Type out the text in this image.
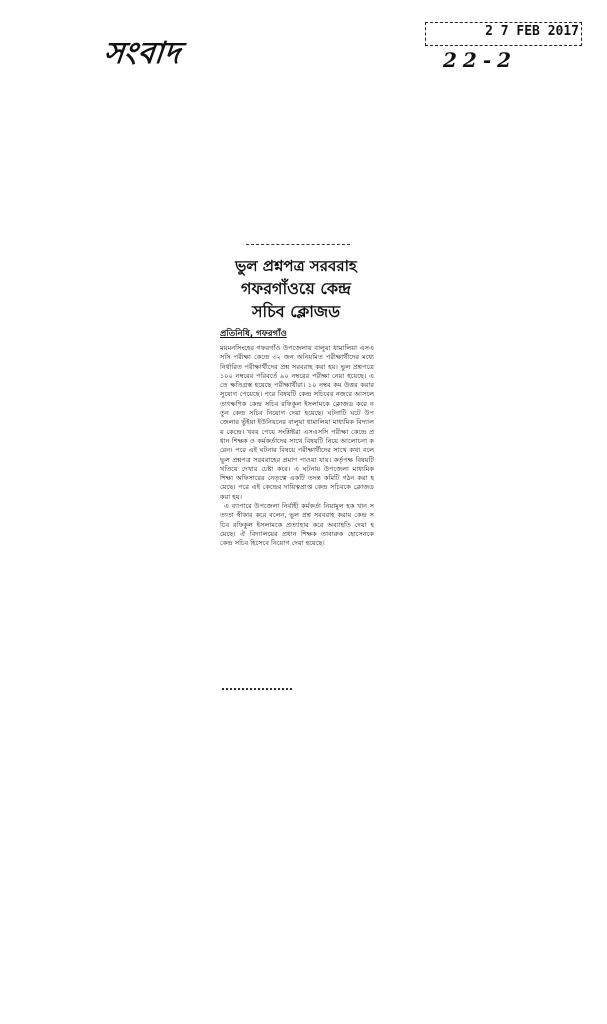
সংবাদ
2 7 FEB 2017
22-2
ভুল প্রশ্নপত্র সরবরাহ
গফরগাঁওয়ে কেন্দ্র
সচিব ক্লোজড
প্রতিনিধি, গফরগাঁও

ময়মনসিংহের গফরগাঁও উপজেলায় বালুয়া ধামালিয়া এসএসসি পরীক্ষা কেন্দ্রে ৩২ জন অনিয়মিত পরীক্ষার্থীদের মধ্যে নির্ধারিত পরীক্ষার্থীদের প্রশ্ন সরবরাহ করা হয়। ভুল প্রশ্নপত্রে ১০০ নম্বরের পরিবর্তে ৯০ নম্বরের পরীক্ষা নেয়া হয়েছে। এতে ক্ষতিগ্রস্ত হয়েছে পরীক্ষার্থীরা। ১০ নম্বর কম উত্তর করার সুযোগ পেয়েছে। পরে বিষয়টি কেন্দ্র সচিবের নজরে আসলে তাৎক্ষণিক কেন্দ্র সচিব রফিকুল ইসলামকে ক্লোজড করে নতুন কেন্দ্র সচিব নিয়োগ দেয়া হয়েছে। ঘটনাটি ঘটে উপজেলার ভুঁইয়া ইউনিয়নের বালুয়া ধামালিয়া মাধ্যমিক বিদ্যালয় কেন্দ্রে। খবর পেয়ে সংশ্লিষ্টরা এসএসসি পরীক্ষা কেন্দ্রে প্রধান শিক্ষক ও কর্মকর্তাদের সাথে বিষয়টি নিয়ে আলোচনা করেন। পরে এই ঘটনার বিষয়ে পরীক্ষার্থীদের সাথে কথা বলে ভুল প্রশ্নপত্র সরবরাহের প্রমাণ পাওয়া যায়। কর্তৃপক্ষ বিষয়টি খতিয়ে দেখার চেষ্টা করে। এ ঘটনায় উপজেলা মাধ্যমিক শিক্ষা অফিসারের নেতৃত্বে একটি তদন্ত কমিটি গঠন করা হয়েছে। পরে এই কেন্দ্রের দায়িত্বপ্রাপ্ত কেন্দ্র সচিবকে ক্লোজড করা হয়।

এ ব্যাপারে উপজেলা নির্বাহী কর্মকর্তা নিয়ামুল হক খান সত্যতা স্বীকার করে বলেন, ভুল প্রশ্ন সরবরাহ করায় কেন্দ্র সচিব রফিকুল ইসলামকে প্রত্যাহার করে অব্যাহতি দেয়া হয়েছে। ঐ বিদ্যালয়ের প্রধান শিক্ষক তাবারুক হোসেনকে কেন্দ্র সচিব হিসেবে নিয়োগ দেয়া হয়েছে।
